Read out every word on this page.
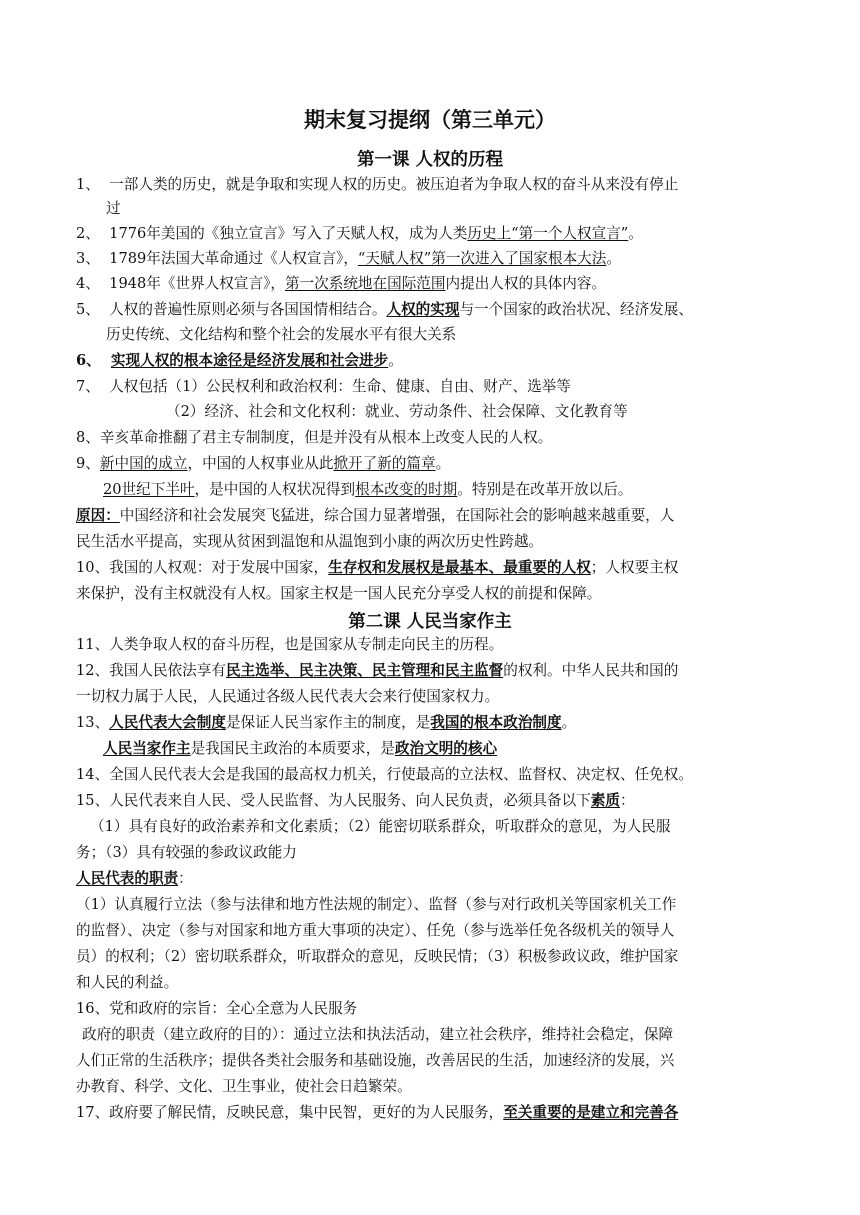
期末复习提纲（第三单元）
第一课 人权的历程
1、 一部人类的历史，就是争取和实现人权的历史。被压迫者为争取人权的奋斗从来没有停止
过
2、 1776年美国的《独立宣言》写入了天赋人权，成为人类历史上“第一个人权宣言”。
3、 1789年法国大革命通过《人权宣言》，“天赋人权”第一次进入了国家根本大法。
4、 1948年《世界人权宣言》，第一次系统地在国际范围内提出人权的具体内容。
5、 人权的普遍性原则必须与各国国情相结合。人权的实现与一个国家的政治状况、经济发展、
历史传统、文化结构和整个社会的发展水平有很大关系
6、 实现人权的根本途径是经济发展和社会进步。
7、 人权包括（1）公民权利和政治权利：生命、健康、自由、财产、选举等
（2）经济、社会和文化权利：就业、劳动条件、社会保障、文化教育等
8、辛亥革命推翻了君主专制制度，但是并没有从根本上改变人民的人权。
9、新中国的成立，中国的人权事业从此掀开了新的篇章。
20世纪下半叶，是中国的人权状况得到根本改变的时期。特别是在改革开放以后。
原因：中国经济和社会发展突飞猛进，综合国力显著增强，在国际社会的影响越来越重要，人
民生活水平提高，实现从贫困到温饱和从温饱到小康的两次历史性跨越。
10、我国的人权观：对于发展中国家，生存权和发展权是最基本、最重要的人权；人权要主权
来保护，没有主权就没有人权。国家主权是一国人民充分享受人权的前提和保障。
第二课 人民当家作主
11、人类争取人权的奋斗历程，也是国家从专制走向民主的历程。
12、我国人民依法享有民主选举、民主决策、民主管理和民主监督的权利。中华人民共和国的
一切权力属于人民，人民通过各级人民代表大会来行使国家权力。
13、人民代表大会制度是保证人民当家作主的制度，是我国的根本政治制度。
人民当家作主是我国民主政治的本质要求，是政治文明的核心
14、全国人民代表大会是我国的最高权力机关，行使最高的立法权、监督权、决定权、任免权。
15、人民代表来自人民、受人民监督、为人民服务、向人民负责，必须具备以下素质：
（1）具有良好的政治素养和文化素质；（2）能密切联系群众，听取群众的意见，为人民服
务；（3）具有较强的参政议政能力
人民代表的职责：
（1）认真履行立法（参与法律和地方性法规的制定）、监督（参与对行政机关等国家机关工作
的监督）、决定（参与对国家和地方重大事项的决定）、任免（参与选举任免各级机关的领导人
员）的权利；（2）密切联系群众，听取群众的意见，反映民情；（3）积极参政议政，维护国家
和人民的利益。
16、党和政府的宗旨：全心全意为人民服务
政府的职责（建立政府的目的）：通过立法和执法活动，建立社会秩序，维持社会稳定，保障
人们正常的生活秩序；提供各类社会服务和基础设施，改善居民的生活，加速经济的发展，兴
办教育、科学、文化、卫生事业，使社会日趋繁荣。
17、政府要了解民情，反映民意，集中民智，更好的为人民服务，至关重要的是建立和完善各
